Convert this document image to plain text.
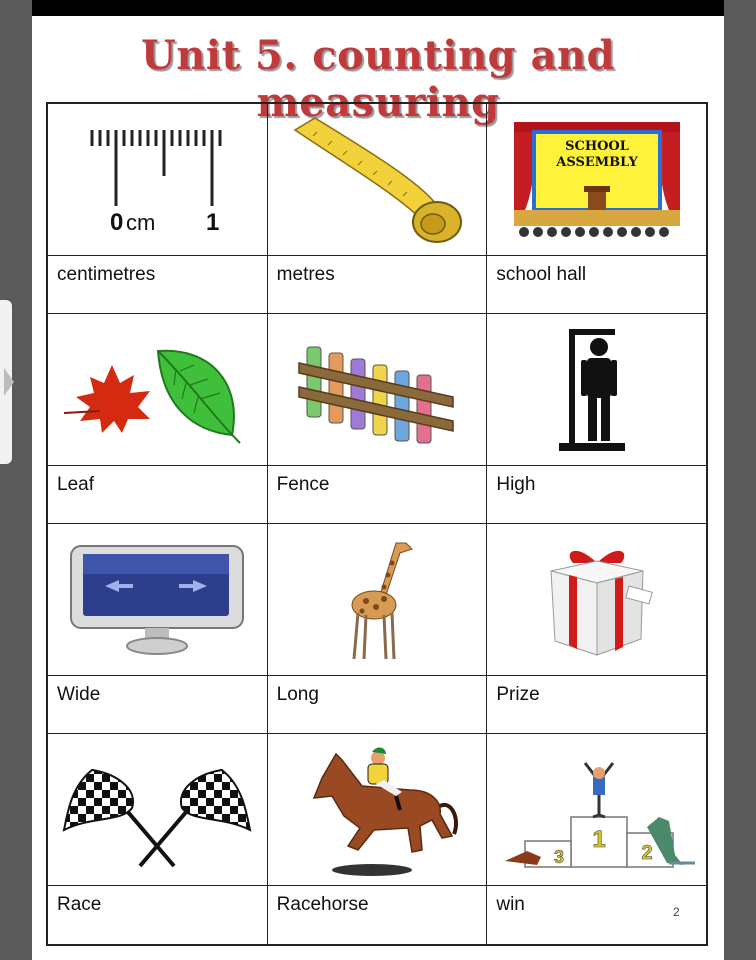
Unit 5. counting and measuring
0 cm 1
SCHOOL
ASSEMBLY
centimetres	metres	school hall
Leaf	Fence	High
Wide	Long	Prize
1 2
3
Race	Racehorse	win	2
